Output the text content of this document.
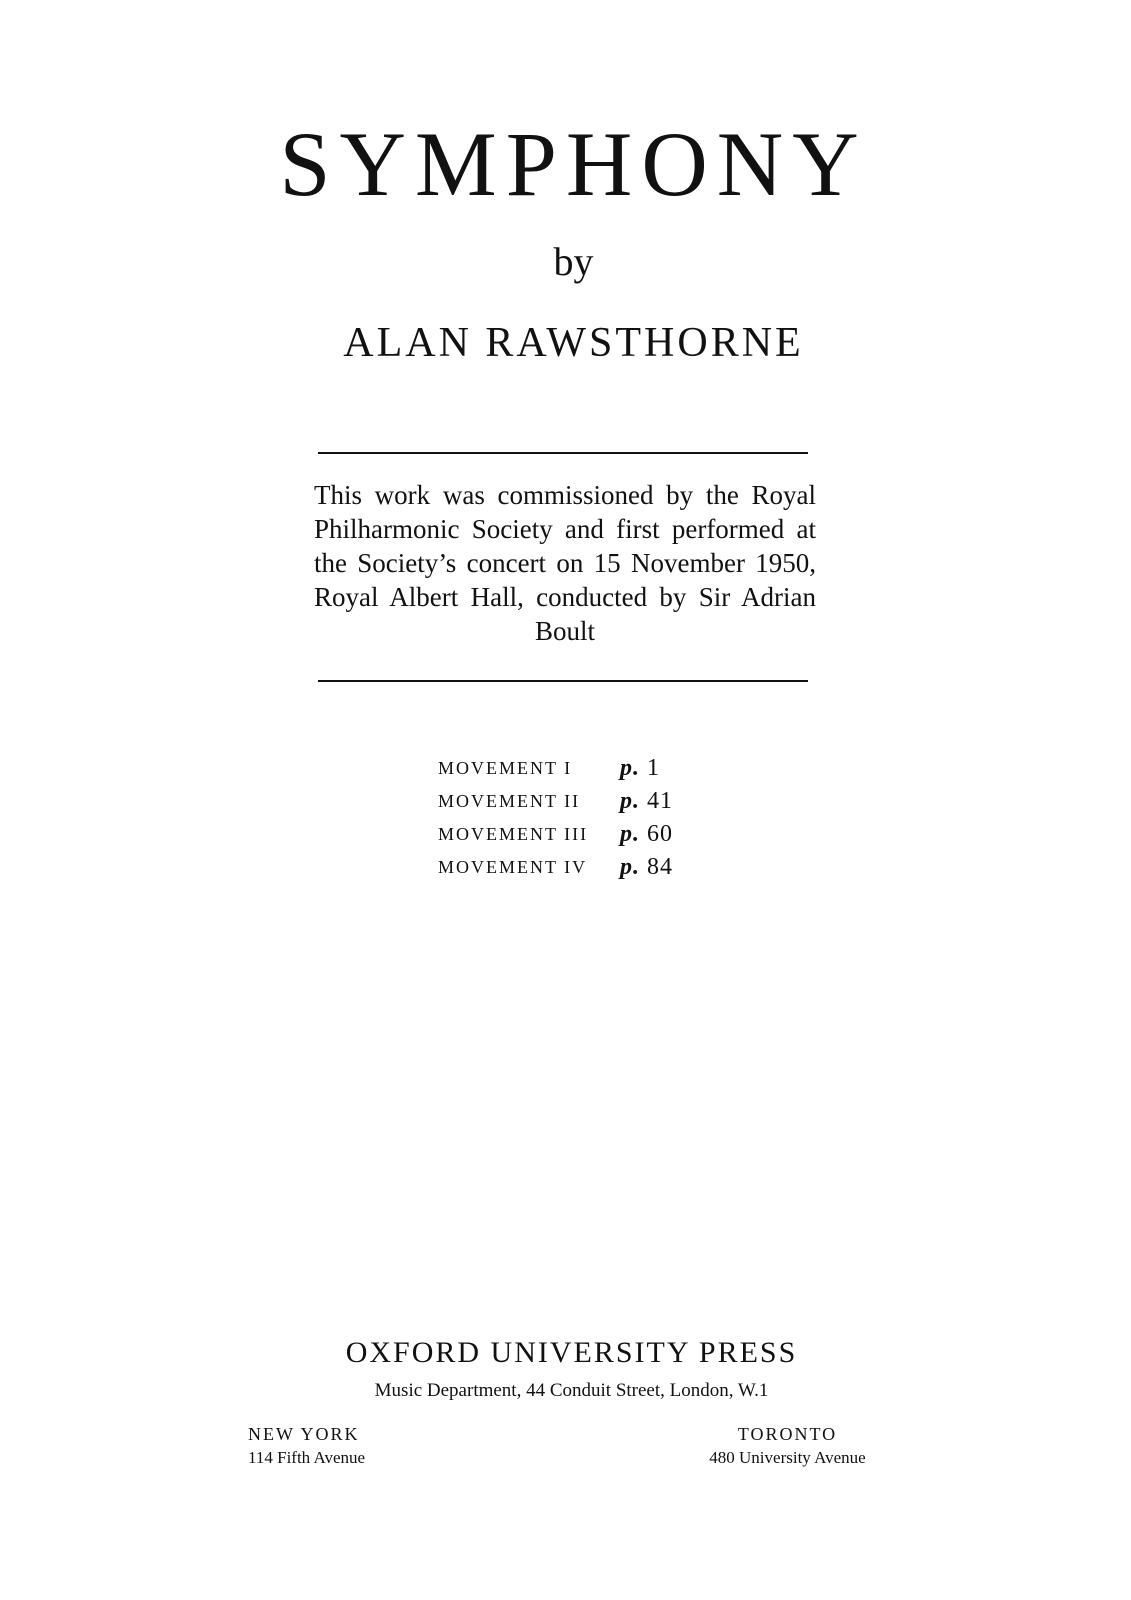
SYMPHONY
by
ALAN RAWSTHORNE
This work was commissioned by the Royal Philharmonic Society and first performed at the Society’s concert on 15 November 1950, Royal Albert Hall, conducted by Sir Adrian Boult
MOVEMENT I	p. 1
MOVEMENT II	p. 41
MOVEMENT III	p. 60
MOVEMENT IV	p. 84
OXFORD UNIVERSITY PRESS
Music Department, 44 Conduit Street, London, W.1
NEW YORK
114 Fifth Avenue
TORONTO
480 University Avenue
